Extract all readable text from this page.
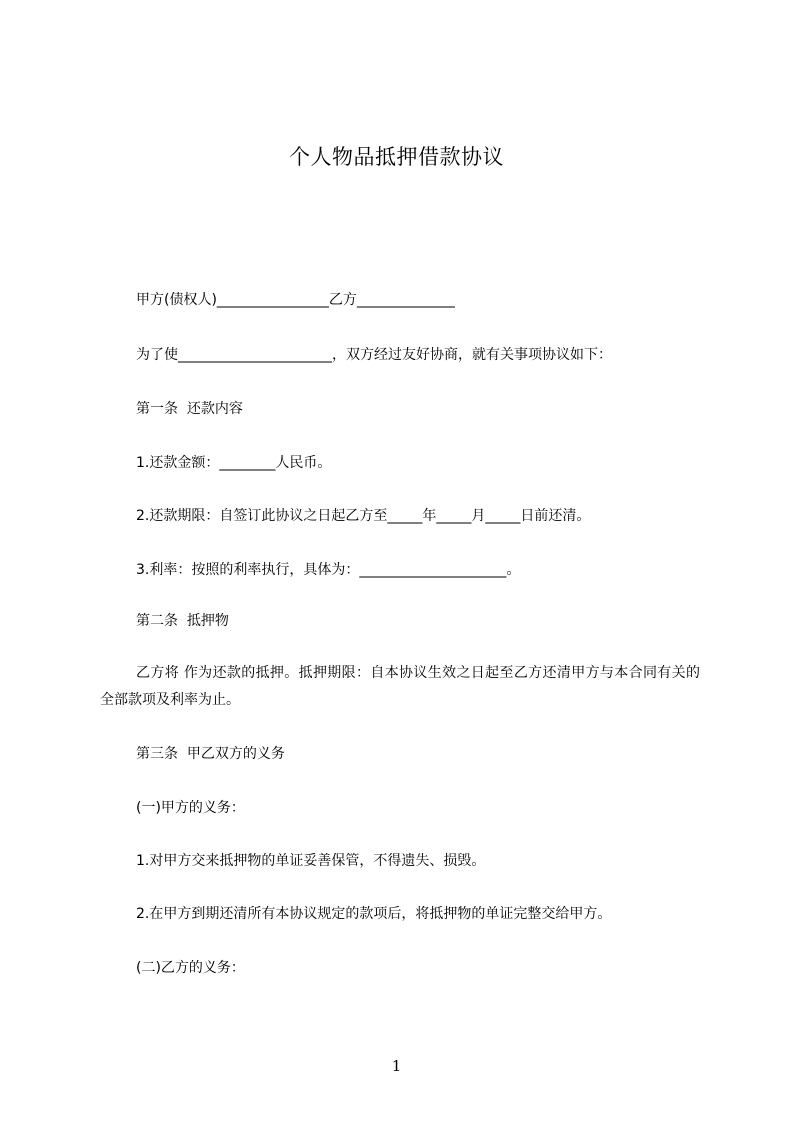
个人物品抵押借款协议
甲方(债权人)________________乙方______________
为了使______________________，双方经过友好协商，就有关事项协议如下：
第一条  还款内容
1.还款金额：________人民币。
2.还款期限：自签订此协议之日起乙方至_____年_____月_____日前还清。
3.利率：按照的利率执行，具体为：_____________________。
第二条  抵押物
乙方将 作为还款的抵押。抵押期限：自本协议生效之日起至乙方还清甲方与本合同有关的全部款项及利率为止。
第三条  甲乙双方的义务
(一)甲方的义务：
1.对甲方交来抵押物的单证妥善保管，不得遗失、损毁。
2.在甲方到期还清所有本协议规定的款项后，将抵押物的单证完整交给甲方。
(二)乙方的义务：
1
